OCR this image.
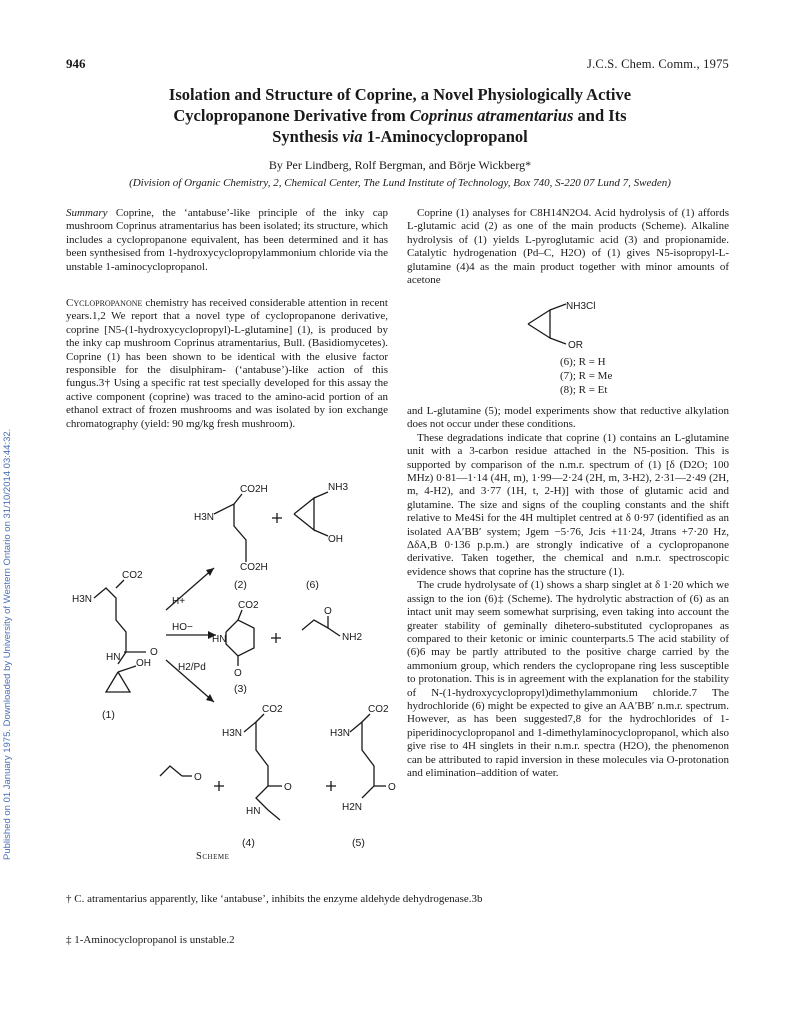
946	J.C.S. Chem. Comm., 1975
Published on 01 January 1975. Downloaded by University of Western Ontario on 31/10/2014 03:44:32.
Isolation and Structure of Coprine, a Novel Physiologically Active
Cyclopropanone Derivative from Coprinus atramentarius and Its
Synthesis via 1-Aminocyclopropanol
By Per Lindberg, Rolf Bergman, and Börje Wickberg*
(Division of Organic Chemistry, 2, Chemical Center, The Lund Institute of Technology, Box 740, S-220 07 Lund 7, Sweden)
Summary Coprine, the ‘antabuse’-like principle of the inky cap mushroom Coprinus atramentarius has been isolated; its structure, which includes a cyclopropanone equivalent, has been determined and it has been synthesised from 1-hydroxycyclopropylammonium chloride via the unstable 1-aminocyclopropanol.
Cyclopropanone chemistry has received considerable attention in recent years.1,2 We report that a novel type of cyclopropanone derivative, coprine [N5-(1-hydroxycyclopropyl)-L-glutamine] (1), is produced by the inky cap mushroom Coprinus atramentarius, Bull. (Basidiomycetes). Coprine (1) has been shown to be identical with the elusive factor responsible for the disulphiram- (‘antabuse’)-like action of this fungus.3† Using a specific rat test specially developed for this assay the active component (coprine) was traced to the amino-acid portion of an ethanol extract of frozen mushrooms and was isolated by ion exchange chromatography (yield: 90 mg/kg fresh mushroom).
Coprine (1) analyses for C8H14N2O4. Acid hydrolysis of (1) affords L-glutamic acid (2) as one of the main products (Scheme). Alkaline hydrolysis of (1) yields L-pyroglutamic acid (3) and propionamide. Catalytic hydrogenation (Pd–C, H2O) of (1) gives N5-isopropyl-L-glutamine (4)4 as the main product together with minor amounts of acetone
NH3Cl
OR
(6); R = H
(7); R = Me
(8); R = Et

and L-glutamine (5); model experiments show that reductive alkylation does not occur under these conditions.

These degradations indicate that coprine (1) contains an L-glutamine unit with a 3-carbon residue attached in the N5-position. This is supported by comparison of the n.m.r. spectrum of (1) [δ (D2O; 100 MHz) 0·81—1·14 (4H, m), 1·99—2·24 (2H, m, 3-H2), 2·31—2·49 (2H, m, 4-H2), and 3·77 (1H, t, 2-H)] with those of glutamic acid and glutamine. The size and signs of the coupling constants and the shift relative to Me4Si for the 4H multiplet centred at δ 0·97 (identified as an isolated AA′BB′ system; Jgem −5·76, Jcis +11·24, Jtrans +7·20 Hz, ΔδA,B 0·136 p.p.m.) are strongly indicative of a cyclopropanone derivative. Taken together, the chemical and n.m.r. spectroscopic evidence shows that coprine has the structure (1).

The crude hydrolysate of (1) shows a sharp singlet at δ 1·20 which we assign to the ion (6)‡ (Scheme). The hydrolytic abstraction of (6) as an intact unit may seem somewhat surprising, even taking into account the greater stability of geminally dihetero-substituted cyclopropanes as compared to their ketonic or iminic counterparts.5 The acid stability of (6)6 may be partly attributed to the positive charge carried by the ammonium group, which renders the cyclopropane ring less susceptible to protonation. This is in agreement with the explanation for the stability of N-(1-hydroxycyclopropyl)dimethylammonium chloride.7 The hydrochloride (6) might be expected to give an AA′BB′ n.m.r. spectrum. However, as has been suggested7,8 for the hydrochlorides of 1-piperidinocyclopropanol and 1-dimethylaminocyclopropanol, which also give rise to 4H singlets in their n.m.r. spectra (H2O), the phenomenon can be attributed to rapid inversion in these molecules via O-protonation and elimination–addition of water.

H3N
CO2
HN
OH
O
(1)
H3N
CO2H
CO2H
(2)
NH3
OH
(6)
H+
HO−
H2/Pd
CO2
HN
O
(3)
NH2
O
H3N
CO2
O
HN
(4)
O
H3N
CO2
O
H2N
(5)
Scheme
† C. atramentarius apparently, like ‘antabuse’, inhibits the enzyme aldehyde dehydrogenase.3b
‡ 1-Aminocyclopropanol is unstable.2
